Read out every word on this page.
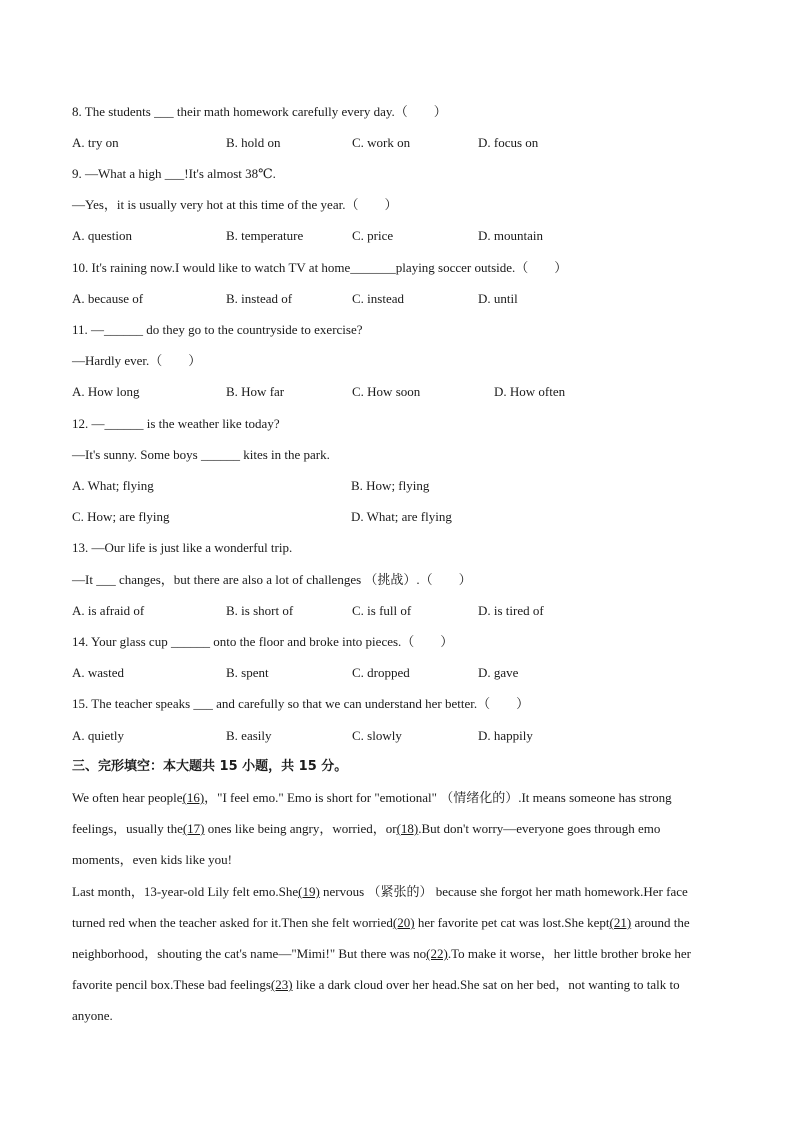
8. The students ___ their math homework carefully every day.（　　）
A. try on	B. hold on	C. work on	D. focus on
9. —What a high ___!It's almost 38℃.
—Yes，it is usually very hot at this time of the year.（　　）
A. question	B. temperature	C. price	D. mountain
10. It's raining now.I would like to watch TV at home_______playing soccer outside.（　　）
A. because of	B. instead of	C. instead	D. until
11. —______ do they go to the countryside to exercise?
—Hardly ever.（　　）
A. How long	B. How far	C. How soon	D. How often
12. —______ is the weather like today?
—It's sunny. Some boys ______ kites in the park.
A. What; flying	B. How; flying
C. How; are flying	D. What; are flying
13. —Our life is just like a wonderful trip.
—It ___ changes，but there are also a lot of challenges （挑战）.（　　）
A. is afraid of	B. is short of	C. is full of	D. is tired of
14. Your glass cup ______ onto the floor and broke into pieces.（　　）
A. wasted	B. spent	C. dropped	D. gave
15. The teacher speaks ___ and carefully so that we can understand her better.（　　）
A. quietly	B. easily	C. slowly	D. happily
三、完形填空：本大题共 15 小题，共 15 分。
We often hear people(16)，"I feel emo." Emo is short for "emotional" （情绪化的）.It means someone has strong feelings，usually the(17) ones like being angry，worried，or(18).But don't worry—everyone goes through emo moments，even kids like you!
Last month，13-year-old Lily felt emo.She(19) nervous （紧张的） because she forgot her math homework.Her face turned red when the teacher asked for it.Then she felt worried(20) her favorite pet cat was lost.She kept(21) around the neighborhood，shouting the cat's name—"Mimi!" But there was no(22).To make it worse，her little brother broke her favorite pencil box.These bad feelings(23) like a dark cloud over her head.She sat on her bed，not wanting to talk to anyone.
